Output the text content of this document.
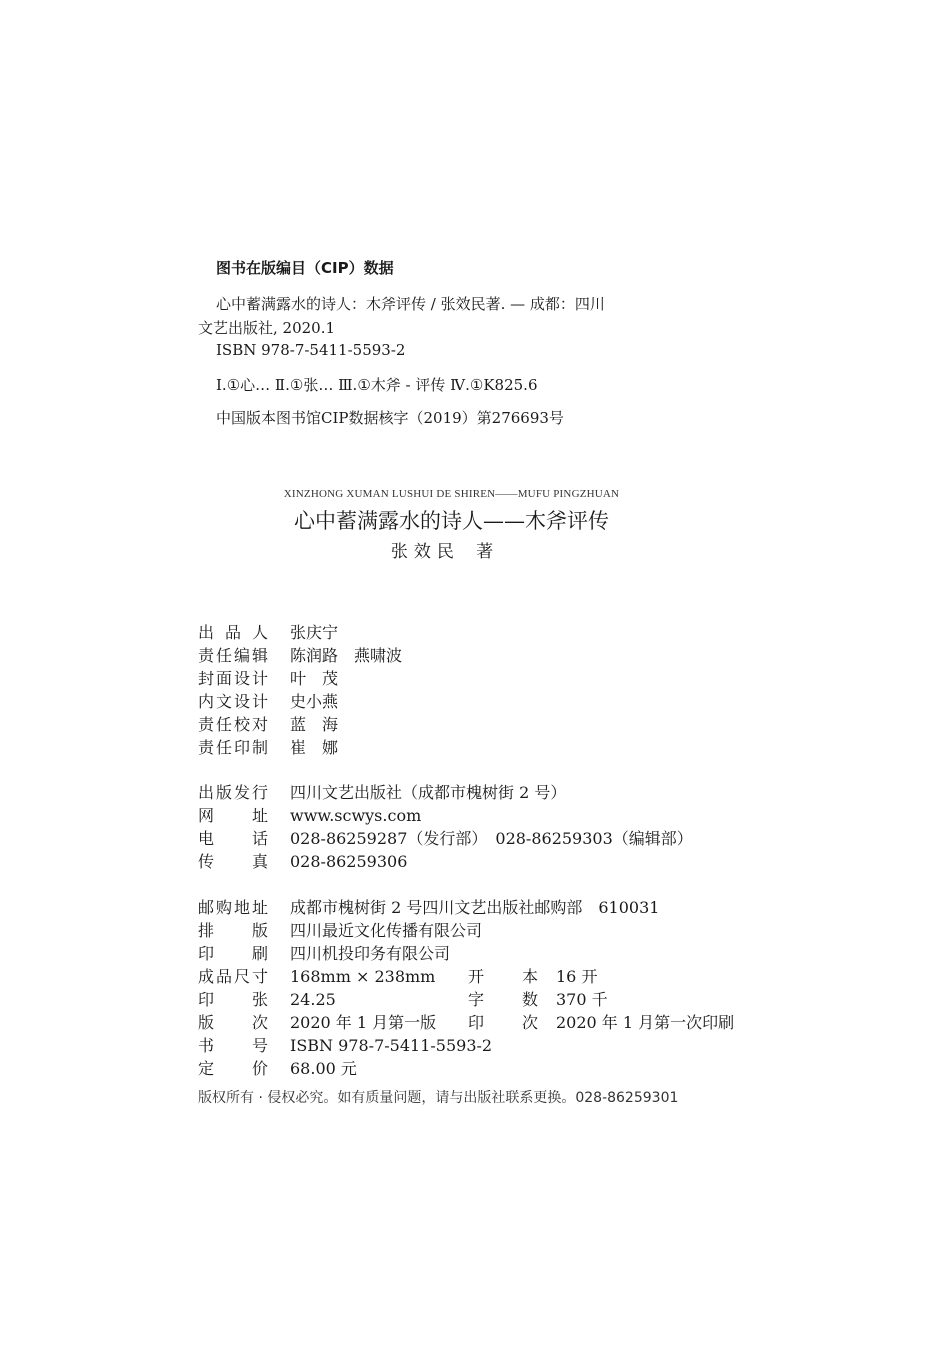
图书在版编目（CIP）数据
心中蓄满露水的诗人：木斧评传 / 张效民著. — 成都：四川
文艺出版社, 2020.1
ISBN 978-7-5411-5593-2
Ⅰ.①心… Ⅱ.①张… Ⅲ.①木斧 - 评传 Ⅳ.①K825.6
中国版本图书馆CIP数据核字（2019）第276693号
XINZHONG XUMAN LUSHUI DE SHIREN——MUFU PINGZHUAN
心中蓄满露水的诗人——木斧评传
张效民 著
出品人 张庆宁
责任编辑 陈润路　燕啸波
封面设计 叶　茂
内文设计 史小燕
责任校对 蓝　海
责任印制 崔　娜
出版发行 四川文艺出版社（成都市槐树街 2 号）
网址 www.scwys.com
电话 028-86259287（发行部）　028-86259303（编辑部）
传真 028-86259306
邮购地址 成都市槐树街 2 号四川文艺出版社邮购部　610031
排版 四川最近文化传播有限公司
印刷 四川机投印务有限公司
成品尺寸 168mm × 238mm 开本 16 开
印张 24.25	字数 370 千
版次 2020 年 1 月第一版 印次 2020 年 1 月第一次印刷
书号 ISBN 978-7-5411-5593-2
定价 68.00 元
版权所有 · 侵权必究。如有质量问题，请与出版社联系更换。028-86259301
